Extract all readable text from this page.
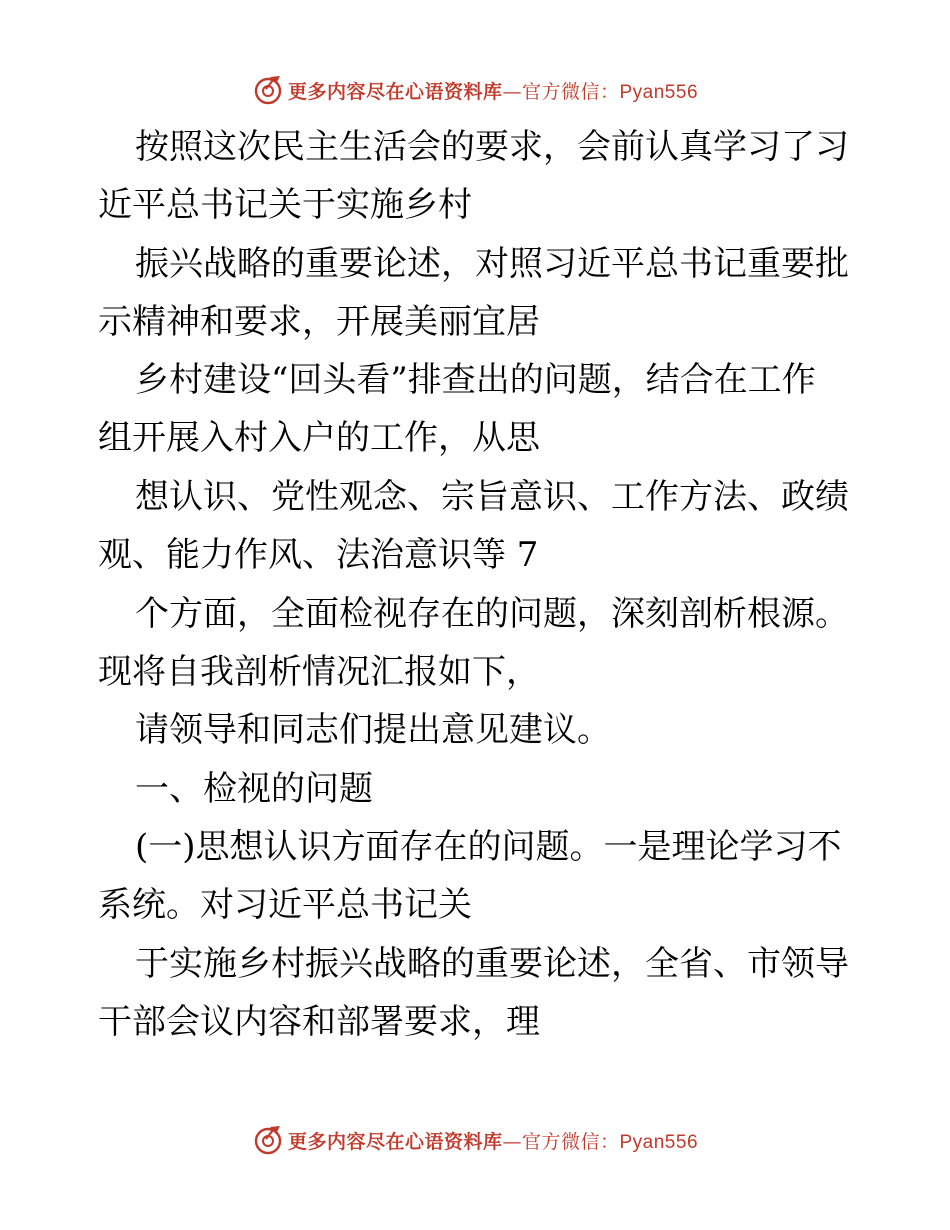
更多内容尽在心语资料库—官方微信：Pyan556
按照这次民主生活会的要求，会前认真学习了习
近平总书记关于实施乡村
振兴战略的重要论述，对照习近平总书记重要批
示精神和要求，开展美丽宜居
乡村建设“回头看”排查出的问题，结合在工作
组开展入村入户的工作，从思
想认识、党性观念、宗旨意识、工作方法、政绩
观、能力作风、法治意识等 7
个方面，全面检视存在的问题，深刻剖析根源。
现将自我剖析情况汇报如下，
请领导和同志们提出意见建议。
一、检视的问题
(一)思想认识方面存在的问题。一是理论学习不
系统。对习近平总书记关
于实施乡村振兴战略的重要论述，全省、市领导
干部会议内容和部署要求，理
更多内容尽在心语资料库—官方微信：Pyan556
